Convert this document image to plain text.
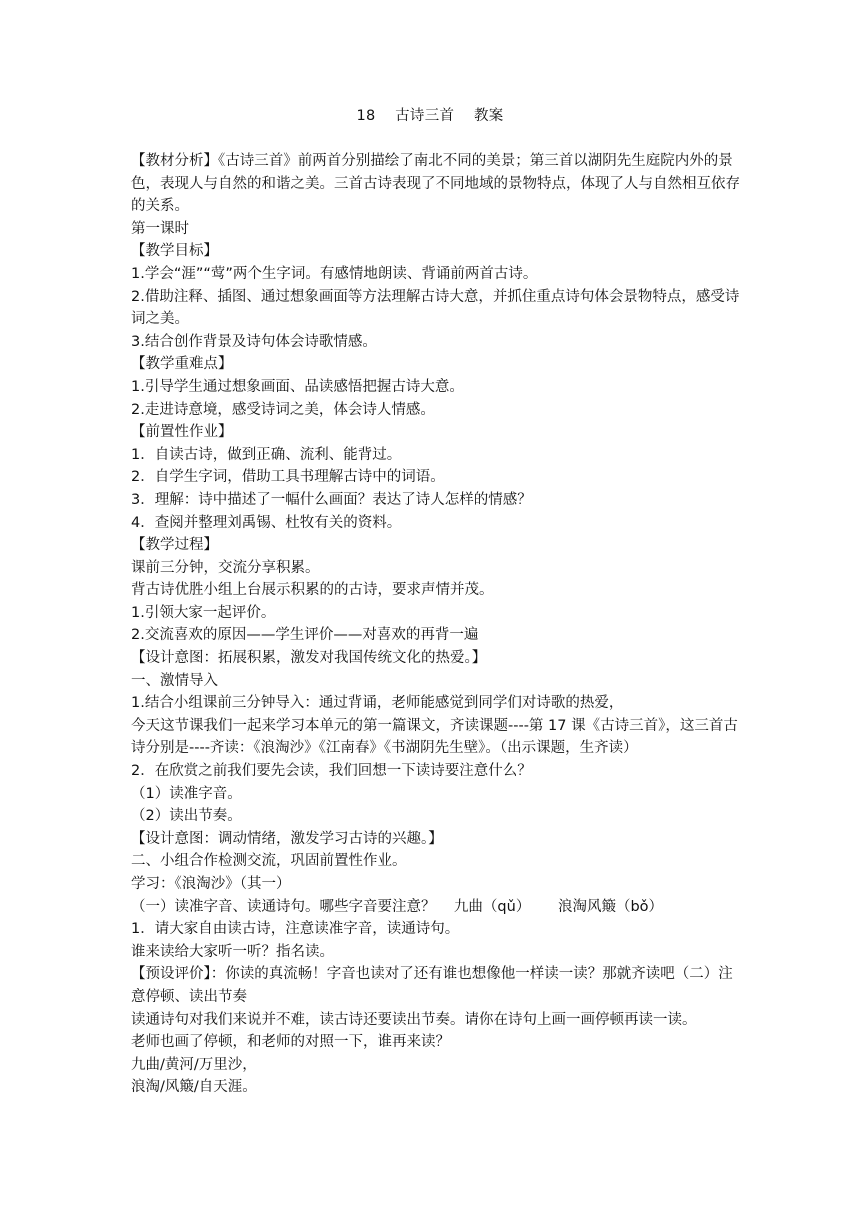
18    古诗三首    教案

【教材分析】《古诗三首》前两首分别描绘了南北不同的美景；第三首以湖阴先生庭院内外的景色，表现人与自然的和谐之美。三首古诗表现了不同地域的景物特点，体现了人与自然相互依存的关系。

第一课时

【教学目标】

1.学会“涯”“莺”两个生字词。有感情地朗读、背诵前两首古诗。

2.借助注释、插图、通过想象画面等方法理解古诗大意，并抓住重点诗句体会景物特点，感受诗词之美。

3.结合创作背景及诗句体会诗歌情感。

【教学重难点】

1.引导学生通过想象画面、品读感悟把握古诗大意。

2.走进诗意境，感受诗词之美，体会诗人情感。

【前置性作业】

1．自读古诗，做到正确、流利、能背过。

2．自学生字词，借助工具书理解古诗中的词语。

3．理解：诗中描述了一幅什么画面？表达了诗人怎样的情感？

4．查阅并整理刘禹锡、杜牧有关的资料。

【教学过程】

课前三分钟，交流分享积累。

背古诗优胜小组上台展示积累的的古诗，要求声情并茂。

1.引领大家一起评价。

2.交流喜欢的原因——学生评价——对喜欢的再背一遍

【设计意图：拓展积累，激发对我国传统文化的热爱。】

一、激情导入

1.结合小组课前三分钟导入：通过背诵，老师能感觉到同学们对诗歌的热爱，

今天这节课我们一起来学习本单元的第一篇课文，齐读课题----第 17 课《古诗三首》，这三首古诗分别是----齐读：《浪淘沙》《江南春》《书湖阴先生壁》。（出示课题，生齐读）

2．在欣赏之前我们要先会读，我们回想一下读诗要注意什么？

（1）读准字音。

（2）读出节奏。

【设计意图：调动情绪，激发学习古诗的兴趣。】

二、小组合作检测交流，巩固前置性作业。

学习：《浪淘沙》（其一）

（一）读准字音、读通诗句。哪些字音要注意？    九曲（qǔ）      浪淘风簸（bǒ）

1．请大家自由读古诗，注意读准字音，读通诗句。

谁来读给大家听一听？指名读。

【预设评价】：你读的真流畅！字音也读对了还有谁也想像他一样读一读？那就齐读吧（二）注意停顿、读出节奏

读通诗句对我们来说并不难，读古诗还要读出节奏。请你在诗句上画一画停顿再读一读。

老师也画了停顿，和老师的对照一下，谁再来读？

九曲/黄河/万里沙，

浪淘/风簸/自天涯。
